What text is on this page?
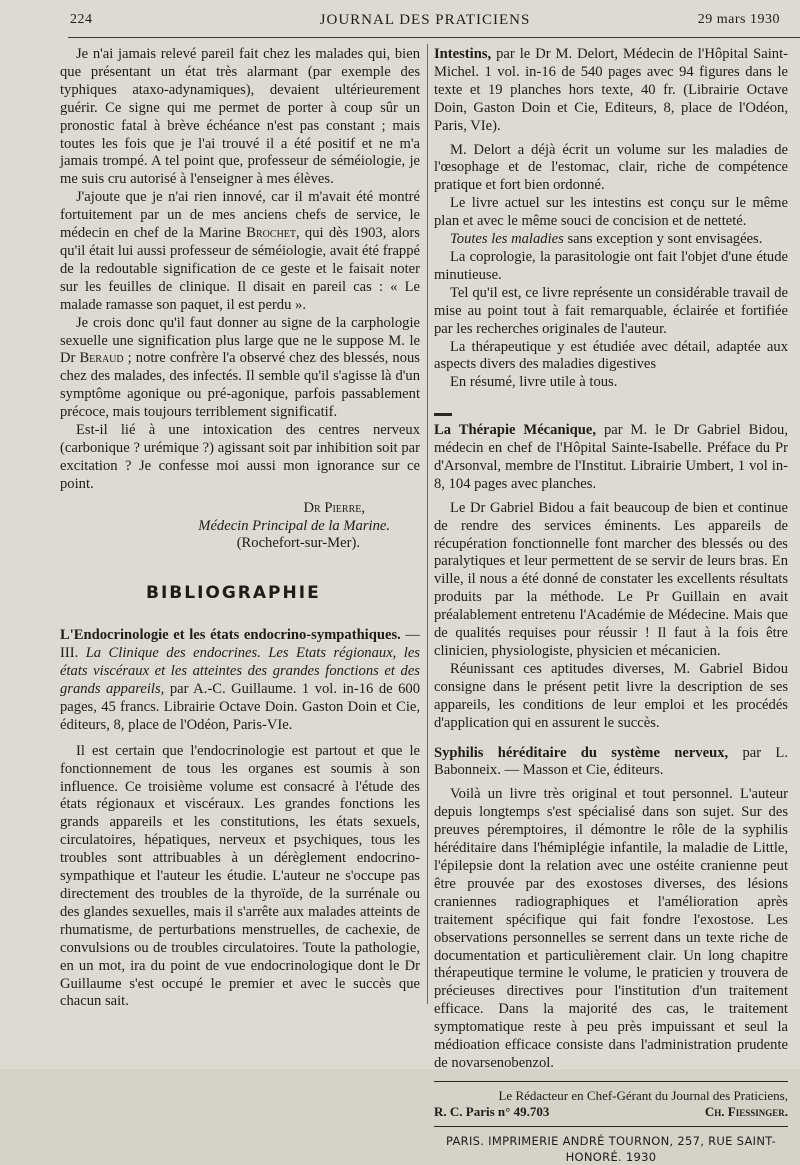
224	JOURNAL DES PRATICIENS	29 mars 1930

Je n'ai jamais relevé pareil fait chez les malades qui, bien que présentant un état très alarmant (par exemple des typhiques ataxo-adynamiques), devaient ultérieurement guérir. Ce signe qui me permet de porter à coup sûr un pronostic fatal à brève échéance n'est pas constant ; mais toutes les fois que je l'ai trouvé il a été positif et ne m'a jamais trompé. A tel point que, professeur de séméiologie, je me suis cru autorisé à l'enseigner à mes élèves.

J'ajoute que je n'ai rien innové, car il m'avait été montré fortuitement par un de mes anciens chefs de service, le médecin en chef de la Marine Brochet, qui dès 1903, alors qu'il était lui aussi professeur de séméiologie, avait été frappé de la redoutable signification de ce geste et le faisait noter sur les feuilles de clinique. Il disait en pareil cas : « Le malade ramasse son paquet, il est perdu ».

Je crois donc qu'il faut donner au signe de la carphologie sexuelle une signification plus large que ne le suppose M. le Dr Beraud ; notre confrère l'a observé chez des blessés, nous chez des malades, des infectés. Il semble qu'il s'agisse là d'un symptôme agonique ou pré-agonique, parfois passablement précoce, mais toujours terriblement significatif.

Est-il lié à une intoxication des centres nerveux (carbonique ? urémique ?) agissant soit par inhibition soit par excitation ? Je confesse moi aussi mon ignorance sur ce point.

Dr Pierre,

Médecin Principal de la Marine.

(Rochefort-sur-Mer).

BIBLIOGRAPHIE

L'Endocrinologie et les états endocrino-sympathiques. — III. La Clinique des endocrines. Les Etats régionaux, les états viscéraux et les atteintes des grandes fonctions et des grands appareils, par A.-C. Guillaume. 1 vol. in-16 de 600 pages, 45 francs. Librairie Octave Doin. Gaston Doin et Cie, éditeurs, 8, place de l'Odéon, Paris-VIe.

Il est certain que l'endocrinologie est partout et que le fonctionnement de tous les organes est soumis à son influence. Ce troisième volume est consacré à l'étude des états régionaux et viscéraux. Les grandes fonctions les grands appareils et les constitutions, les états sexuels, circulatoires, hépatiques, nerveux et psychiques, tous les troubles sont attribuables à un dérèglement endocrino-sympathique et l'auteur les étudie. L'auteur ne s'occupe pas directement des troubles de la thyroïde, de la surrénale ou des glandes sexuelles, mais il s'arrête aux malades atteints de rhumatisme, de perturbations menstruelles, de cachexie, de convulsions ou de troubles circulatoires. Toute la pathologie, en un mot, ira du point de vue endocrinologique dont le Dr Guillaume s'est occupé le premier et avec le succès que chacun sait.

Intestins, par le Dr M. Delort, Médecin de l'Hôpital Saint-Michel. 1 vol. in-16 de 540 pages avec 94 figures dans le texte et 19 planches hors texte, 40 fr. (Librairie Octave Doin, Gaston Doin et Cie, Editeurs, 8, place de l'Odéon, Paris, VIe).

M. Delort a déjà écrit un volume sur les maladies de l'œsophage et de l'estomac, clair, riche de compétence pratique et fort bien ordonné.

Le livre actuel sur les intestins est conçu sur le même plan et avec le même souci de concision et de netteté.

Toutes les maladies sans exception y sont envisagées.

La coprologie, la parasitologie ont fait l'objet d'une étude minutieuse.

Tel qu'il est, ce livre représente un considérable travail de mise au point tout à fait remarquable, éclairée et fortifiée par les recherches originales de l'auteur.

La thérapeutique y est étudiée avec détail, adaptée aux aspects divers des maladies digestives

En résumé, livre utile à tous.

La Thérapie Mécanique, par M. le Dr Gabriel Bidou, médecin en chef de l'Hôpital Sainte-Isabelle. Préface du Pr d'Arsonval, membre de l'Institut. Librairie Umbert, 1 vol in-8, 104 pages avec planches.

Le Dr Gabriel Bidou a fait beaucoup de bien et continue de rendre des services éminents. Les appareils de récupération fonctionnelle font marcher des blessés ou des paralytiques et leur permettent de se servir de leurs bras. En ville, il nous a été donné de constater les excellents résultats produits par la méthode. Le Pr Guillain en avait préalablement entretenu l'Académie de Médecine. Mais que de qualités requises pour réussir ! Il faut à la fois être clinicien, physiologiste, physicien et mécanicien.

Réunissant ces aptitudes diverses, M. Gabriel Bidou consigne dans le présent petit livre la description de ses appareils, les conditions de leur emploi et les procédés d'application qui en assurent le succès.

Syphilis héréditaire du système nerveux, par L. Babonneix. — Masson et Cie, éditeurs.

Voilà un livre très original et tout personnel. L'auteur depuis longtemps s'est spécialisé dans son sujet. Sur des preuves péremptoires, il démontre le rôle de la syphilis héréditaire dans l'hémiplégie infantile, la maladie de Little, l'épilepsie dont la relation avec une ostéite cranienne peut être prouvée par des exostoses diverses, des lésions craniennes radiographiques et l'amélioration après traitement spécifique qui fait fondre l'exostose. Les observations personnelles se serrent dans un texte riche de documentation et particulièrement clair. Un long chapitre thérapeutique termine le volume, le praticien y trouvera de précieuses directives pour l'institution d'un traitement efficace. Dans la majorité des cas, le traitement symptomatique reste à peu près impuissant et seul la médioation efficace consiste dans l'administration prudente de novarsenobenzol.

Le Rédacteur en Chef-Gérant du Journal des Praticiens,
R. C. Paris n° 49.703	Ch. Fiessinger.
PARIS. IMPRIMERIE ANDRÉ TOURNON, 257, RUE SAINT-HONORÉ. 1930
